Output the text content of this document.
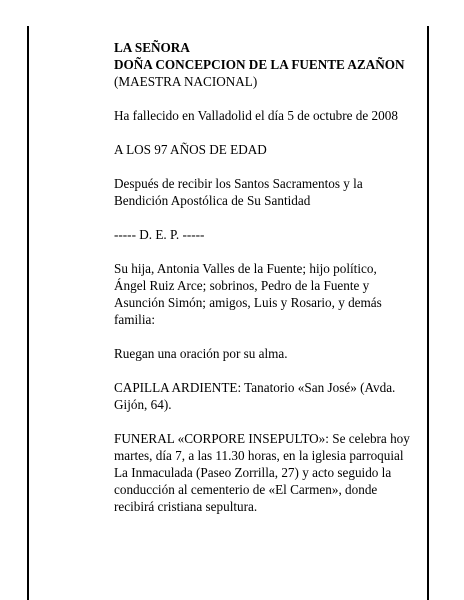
LA SEÑORA

DOÑA CONCEPCION DE LA FUENTE AZAÑON

(MAESTRA NACIONAL)

Ha fallecido en Valladolid el día 5 de octubre de 2008

A LOS 97 AÑOS DE EDAD

Después de recibir los Santos Sacramentos y la

Bendición Apostólica de Su Santidad

----- D. E. P. -----

Su hija, Antonia Valles de la Fuente; hijo político,

Ángel Ruiz Arce; sobrinos, Pedro de la Fuente y

Asunción Simón; amigos, Luis y Rosario, y demás

familia:

Ruegan una oración por su alma.

CAPILLA ARDIENTE: Tanatorio «San José» (Avda.

Gijón, 64).

FUNERAL «CORPORE INSEPULTO»: Se celebra hoy

martes, día 7, a las 11.30 horas, en la iglesia parroquial

La Inmaculada (Paseo Zorrilla, 27) y acto seguido la

conducción al cementerio de «El Carmen», donde

recibirá cristiana sepultura.
